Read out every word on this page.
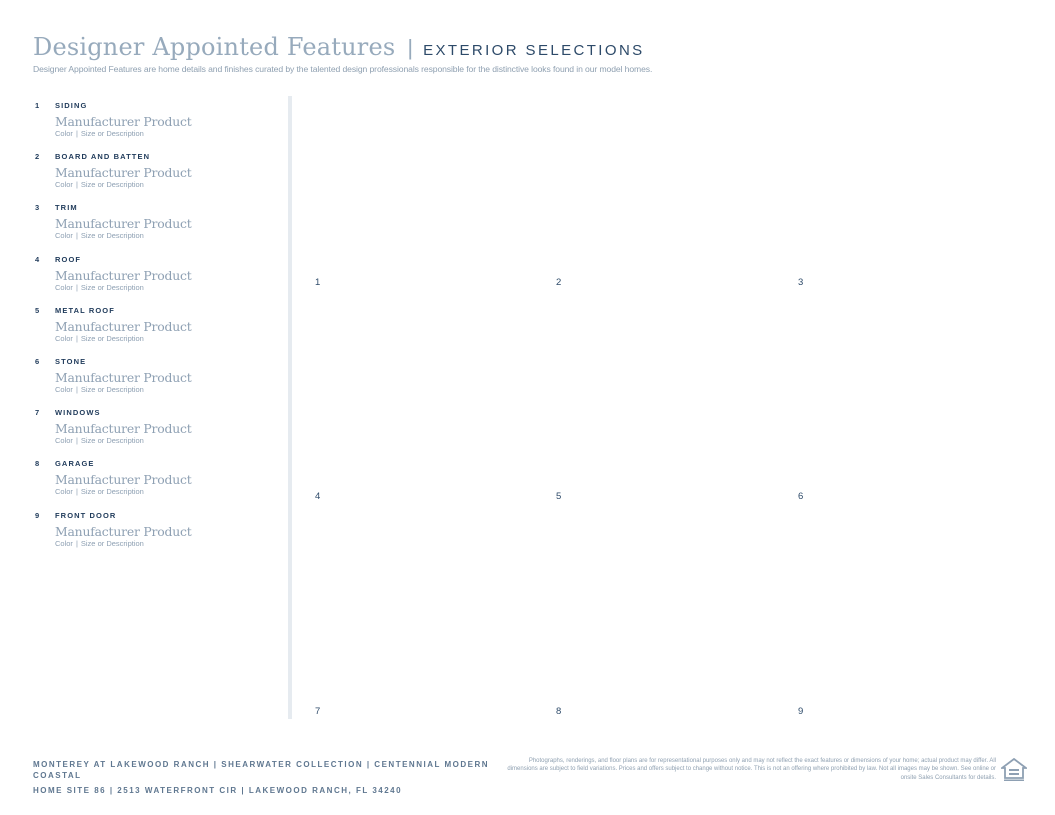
Designer Appointed Features | EXTERIOR SELECTIONS
Designer Appointed Features are home details and finishes curated by the talented design professionals responsible for the distinctive looks found in our model homes.
1	SIDING
Manufacturer Product
Color | Size or Description
2	BOARD AND BATTEN
Manufacturer Product
Color | Size or Description
3	TRIM
Manufacturer Product
Color | Size or Description
4	ROOF
Manufacturer Product
Color | Size or Description
5	METAL ROOF
Manufacturer Product
Color | Size or Description
6	STONE
Manufacturer Product
Color | Size or Description
7	WINDOWS
Manufacturer Product
Color | Size or Description
8	GARAGE
Manufacturer Product
Color | Size or Description
9	FRONT DOOR
Manufacturer Product
Color | Size or Description
1	2	3
4	5	6
7	8	9
MONTEREY AT LAKEWOOD RANCH | SHEARWATER COLLECTION | CENTENNIAL MODERN COASTAL
HOME SITE 86 | 2513 WATERFRONT CIR | LAKEWOOD RANCH, FL 34240
Photographs, renderings, and floor plans are for representational purposes only and may not reflect the exact features or dimensions of your home; actual product may differ. All dimensions are subject to field variations. Prices and offers subject to change without notice. This is not an offering where prohibited by law. Not all images may be shown. See online or onsite Sales Consultants for details.
